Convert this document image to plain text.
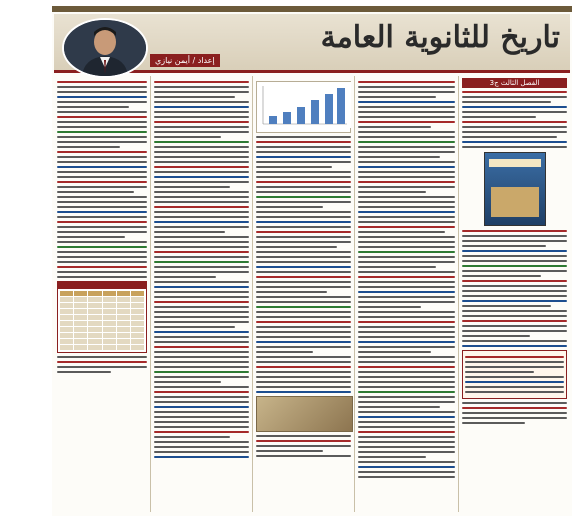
تاريخ للثانوية العامة
إعداد / أيمن نيازي
الفصل الثالث ج3
